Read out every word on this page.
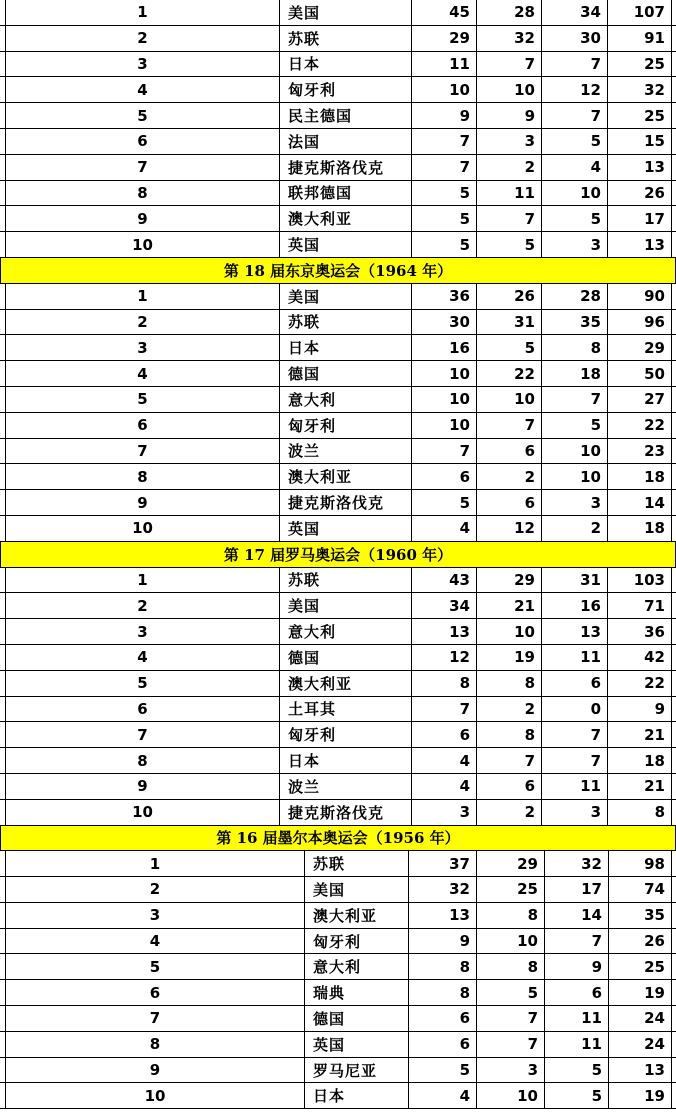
1	美国	45	28	34	107
2	苏联	29	32	30	91
3	日本	11	7	7	25
4	匈牙利	10	10	12	32
5	民主德国	9	9	7	25
6	法国	7	3	5	15
7	捷克斯洛伐克	7	2	4	13
8	联邦德国	5	11	10	26
9	澳大利亚	5	7	5	17
10	英国	5	5	3	13
第 18 届东京奥运会（1964 年）
1	美国	36	26	28	90
2	苏联	30	31	35	96
3	日本	16	5	8	29
4	德国	10	22	18	50
5	意大利	10	10	7	27
6	匈牙利	10	7	5	22
7	波兰	7	6	10	23
8	澳大利亚	6	2	10	18
9	捷克斯洛伐克	5	6	3	14
10	英国	4	12	2	18
第 17 届罗马奥运会（1960 年）
1	苏联	43	29	31	103
2	美国	34	21	16	71
3	意大利	13	10	13	36
4	德国	12	19	11	42
5	澳大利亚	8	8	6	22
6	土耳其	7	2	0	9
7	匈牙利	6	8	7	21
8	日本	4	7	7	18
9	波兰	4	6	11	21
10	捷克斯洛伐克	3	2	3	8
第 16 届墨尔本奥运会（1956 年）
1	苏联	37	29	32	98
2	美国	32	25	17	74
3	澳大利亚	13	8	14	35
4	匈牙利	9	10	7	26
5	意大利	8	8	9	25
6	瑞典	8	5	6	19
7	德国	6	7	11	24
8	英国	6	7	11	24
9	罗马尼亚	5	3	5	13
10	日本	4	10	5	19
